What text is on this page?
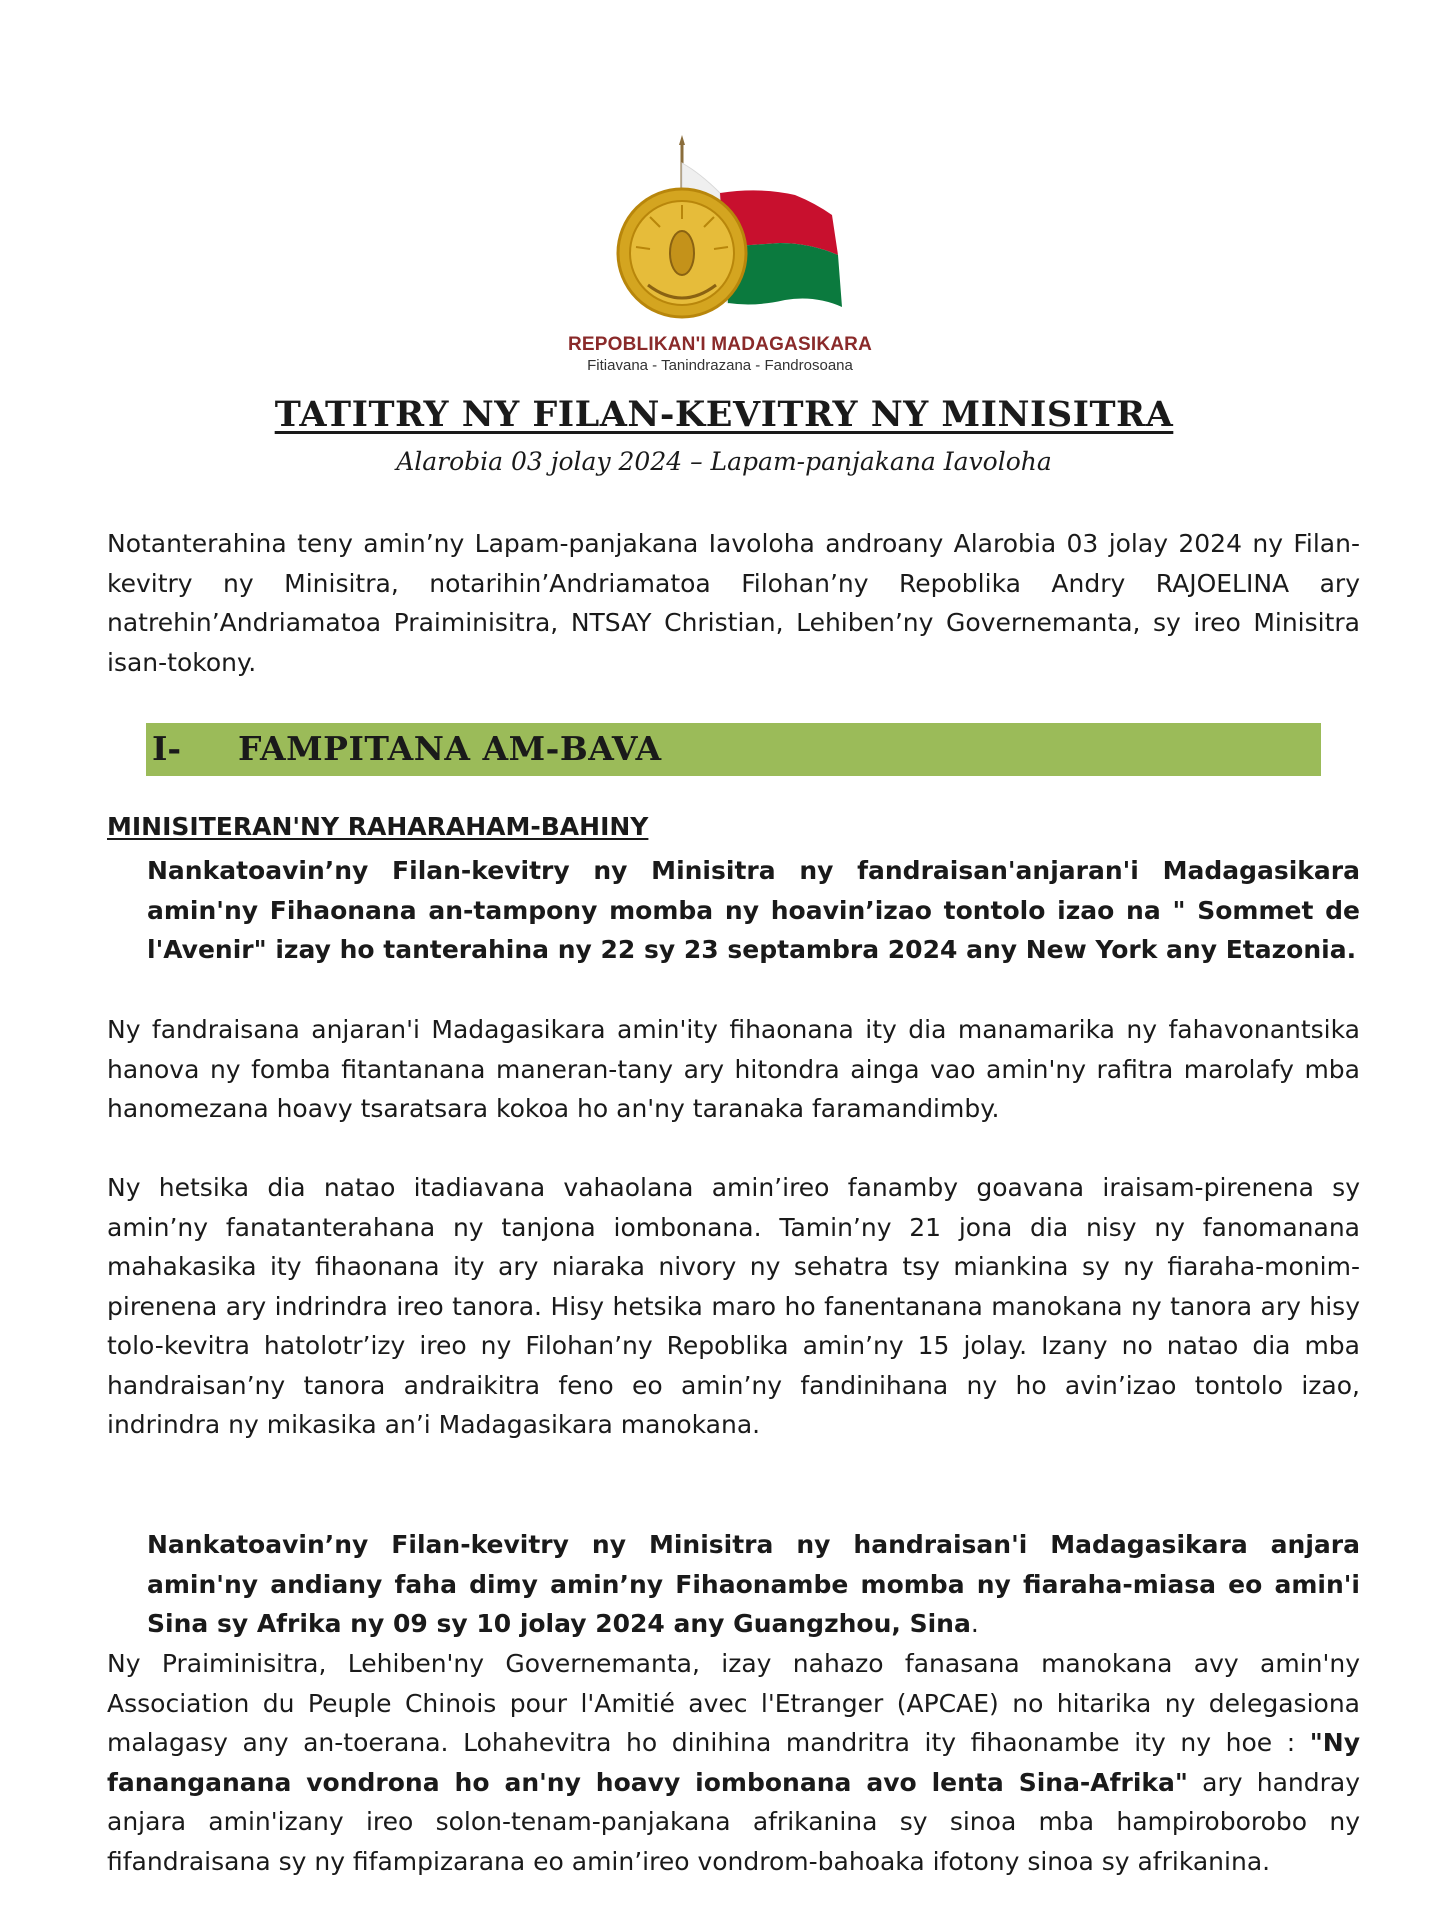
REPOBLIKAN'I MADAGASIKARA
Fitiavana - Tanindrazana - Fandrosoana
TATITRY NY FILAN-KEVITRY NY MINISITRA
Alarobia 03 jolay 2024 – Lapam-panjakana Iavoloha

Notanterahina teny amin’ny Lapam-panjakana Iavoloha androany Alarobia 03 jolay 2024 ny Filan-kevitry ny Minisitra, notarihin’Andriamatoa Filohan’ny Repoblika Andry RAJOELINA ary natrehin’Andriamatoa Praiminisitra, NTSAY Christian, Lehiben’ny Governemanta, sy ireo Minisitra isan-tokony.

I- FAMPITANA AM-BAVA
MINISITERAN'NY RAHARAHAM-BAHINY

Nankatoavin’ny Filan-kevitry ny Minisitra ny fandraisan'anjaran'i Madagasikara amin'ny Fihaonana an-tampony momba ny hoavin’izao tontolo izao na " Sommet de l'Avenir" izay ho tanterahina ny 22 sy 23 septambra 2024 any New York any Etazonia.

Ny fandraisana anjaran'i Madagasikara amin'ity fihaonana ity dia manamarika ny fahavonantsika hanova ny fomba fitantanana maneran-tany ary hitondra ainga vao amin'ny rafitra marolafy mba hanomezana hoavy tsaratsara kokoa ho an'ny taranaka faramandimby.

Ny hetsika dia natao itadiavana vahaolana amin’ireo fanamby goavana iraisam-pirenena sy amin’ny fanatanterahana ny tanjona iombonana. Tamin’ny 21 jona dia nisy ny fanomanana mahakasika ity fihaonana ity ary niaraka nivory ny sehatra tsy miankina sy ny fiaraha-monim-pirenena ary indrindra ireo tanora. Hisy hetsika maro ho fanentanana manokana ny tanora ary hisy tolo-kevitra hatolotr’izy ireo ny Filohan’ny Repoblika amin’ny 15 jolay. Izany no natao dia mba handraisan’ny tanora andraikitra feno eo amin’ny fandinihana ny ho avin’izao tontolo izao, indrindra ny mikasika an’i Madagasikara manokana.

Nankatoavin’ny Filan-kevitry ny Minisitra ny handraisan'i Madagasikara anjara amin'ny andiany faha dimy amin’ny Fihaonambe momba ny fiaraha-miasa eo amin'i Sina sy Afrika ny 09 sy 10 jolay 2024 any Guangzhou, Sina.

Ny Praiminisitra, Lehiben'ny Governemanta, izay nahazo fanasana manokana avy amin'ny Association du Peuple Chinois pour l'Amitié avec l'Etranger (APCAE) no hitarika ny delegasiona malagasy any an-toerana. Lohahevitra ho dinihina mandritra ity fihaonambe ity ny hoe : "Ny fananganana vondrona ho an'ny hoavy iombonana avo lenta Sina-Afrika" ary handray anjara amin'izany ireo solon-tenam-panjakana afrikanina sy sinoa mba hampiroborobo ny fifandraisana sy ny fifampizarana eo amin’ireo vondrom-bahoaka ifotony sinoa sy afrikanina.
